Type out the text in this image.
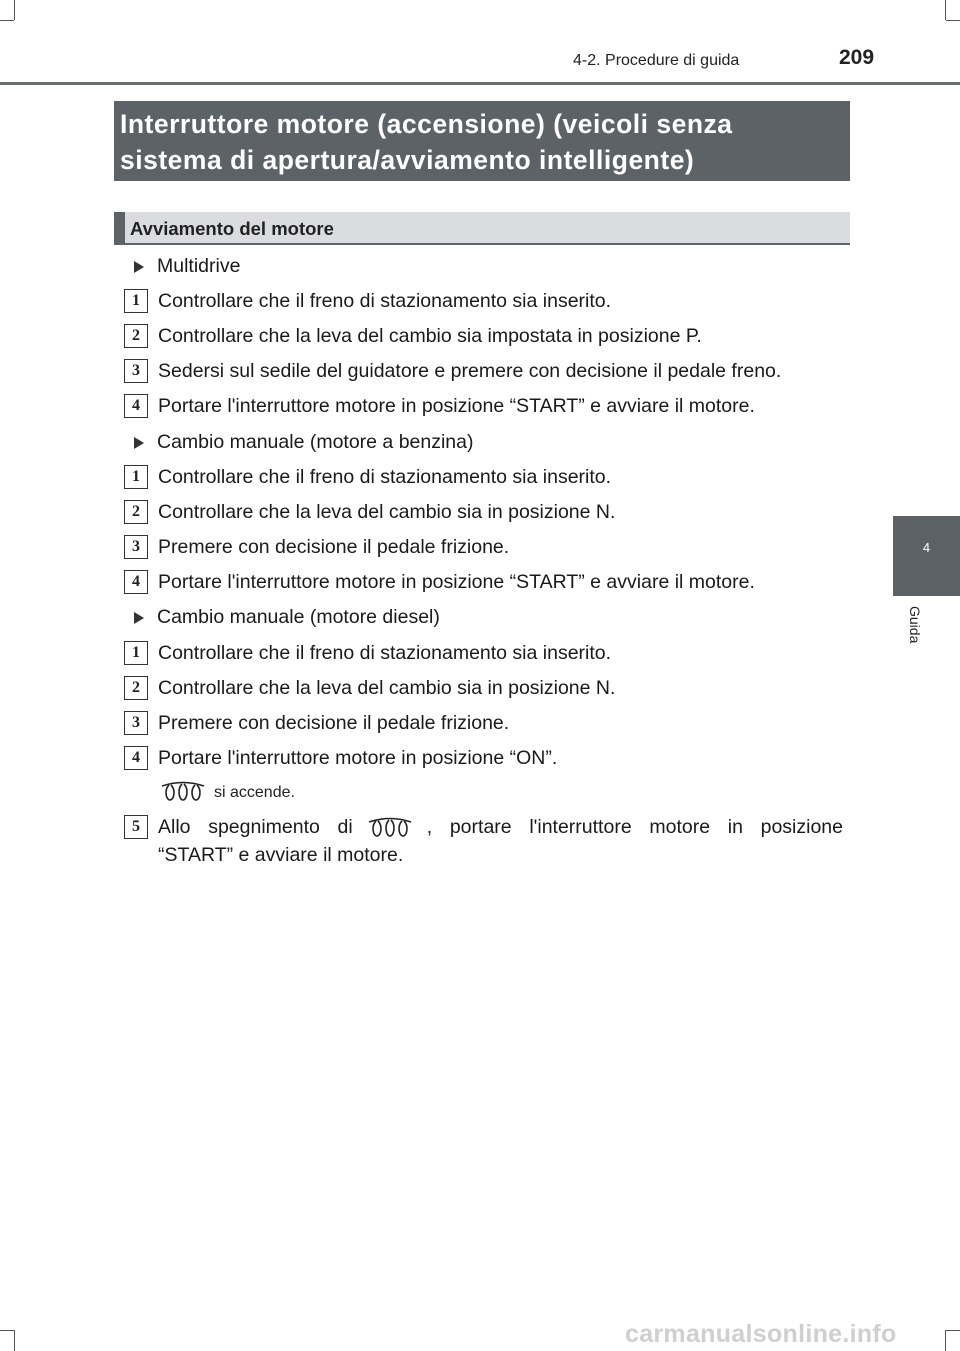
4-2. Procedure di guida	209
4
Guida
Interruttore motore (accensione) (veicoli senza
sistema di apertura/avviamento intelligente)
Avviamento del motore
Multidrive
1 Controllare che il freno di stazionamento sia inserito.
2 Controllare che la leva del cambio sia impostata in posizione P.
3 Sedersi sul sedile del guidatore e premere con decisione il pedale freno.
4 Portare l'interruttore motore in posizione “START” e avviare il motore.
Cambio manuale (motore a benzina)
1 Controllare che il freno di stazionamento sia inserito.
2 Controllare che la leva del cambio sia in posizione N.
3 Premere con decisione il pedale frizione.
4 Portare l'interruttore motore in posizione “START” e avviare il motore.
Cambio manuale (motore diesel)
1 Controllare che il freno di stazionamento sia inserito.
2 Controllare che la leva del cambio sia in posizione N.
3 Premere con decisione il pedale frizione.
4 Portare l'interruttore motore in posizione “ON”.
si accende.
5 Allo spegnimento di	, portare l'interruttore motore in posizione
“START” e avviare il motore.
carmanualsonline.info
